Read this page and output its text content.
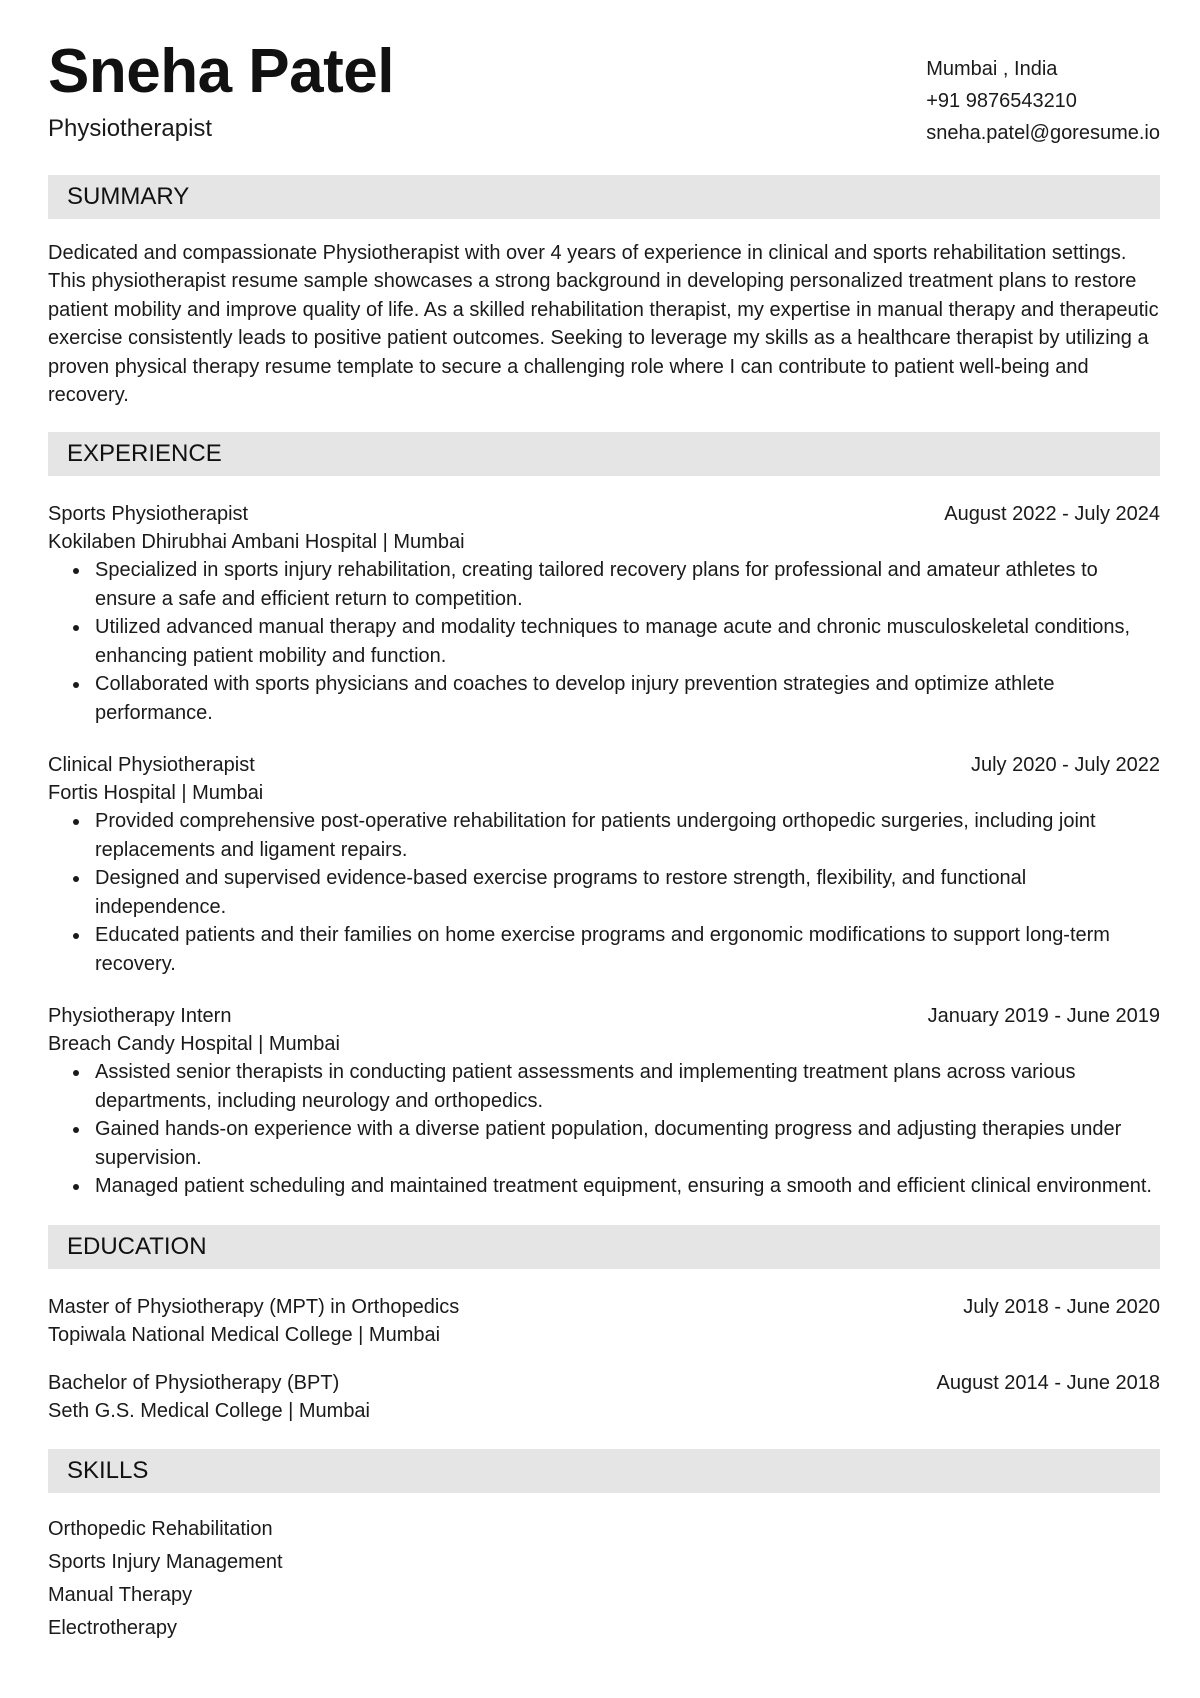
Sneha Patel
Physiotherapist
Mumbai , India
+91 9876543210
sneha.patel@goresume.io
SUMMARY
Dedicated and compassionate Physiotherapist with over 4 years of experience in clinical and sports rehabilitation settings. This physiotherapist resume sample showcases a strong background in developing personalized treatment plans to restore patient mobility and improve quality of life. As a skilled rehabilitation therapist, my expertise in manual therapy and therapeutic exercise consistently leads to positive patient outcomes. Seeking to leverage my skills as a healthcare therapist by utilizing a proven physical therapy resume template to secure a challenging role where I can contribute to patient well-being and recovery.
EXPERIENCE
Sports Physiotherapist	August 2022 - July 2024
Kokilaben Dhirubhai Ambani Hospital | Mumbai
Specialized in sports injury rehabilitation, creating tailored recovery plans for professional and amateur athletes to ensure a safe and efficient return to competition.
Utilized advanced manual therapy and modality techniques to manage acute and chronic musculoskeletal conditions, enhancing patient mobility and function.
Collaborated with sports physicians and coaches to develop injury prevention strategies and optimize athlete performance.
Clinical Physiotherapist	July 2020 - July 2022
Fortis Hospital | Mumbai
Provided comprehensive post-operative rehabilitation for patients undergoing orthopedic surgeries, including joint replacements and ligament repairs.
Designed and supervised evidence-based exercise programs to restore strength, flexibility, and functional independence.
Educated patients and their families on home exercise programs and ergonomic modifications to support long-term recovery.
Physiotherapy Intern	January 2019 - June 2019
Breach Candy Hospital | Mumbai
Assisted senior therapists in conducting patient assessments and implementing treatment plans across various departments, including neurology and orthopedics.
Gained hands-on experience with a diverse patient population, documenting progress and adjusting therapies under supervision.
Managed patient scheduling and maintained treatment equipment, ensuring a smooth and efficient clinical environment.
EDUCATION
Master of Physiotherapy (MPT) in Orthopedics	July 2018 - June 2020
Topiwala National Medical College | Mumbai
Bachelor of Physiotherapy (BPT)	August 2014 - June 2018
Seth G.S. Medical College | Mumbai
SKILLS
Orthopedic Rehabilitation
Sports Injury Management
Manual Therapy
Electrotherapy
